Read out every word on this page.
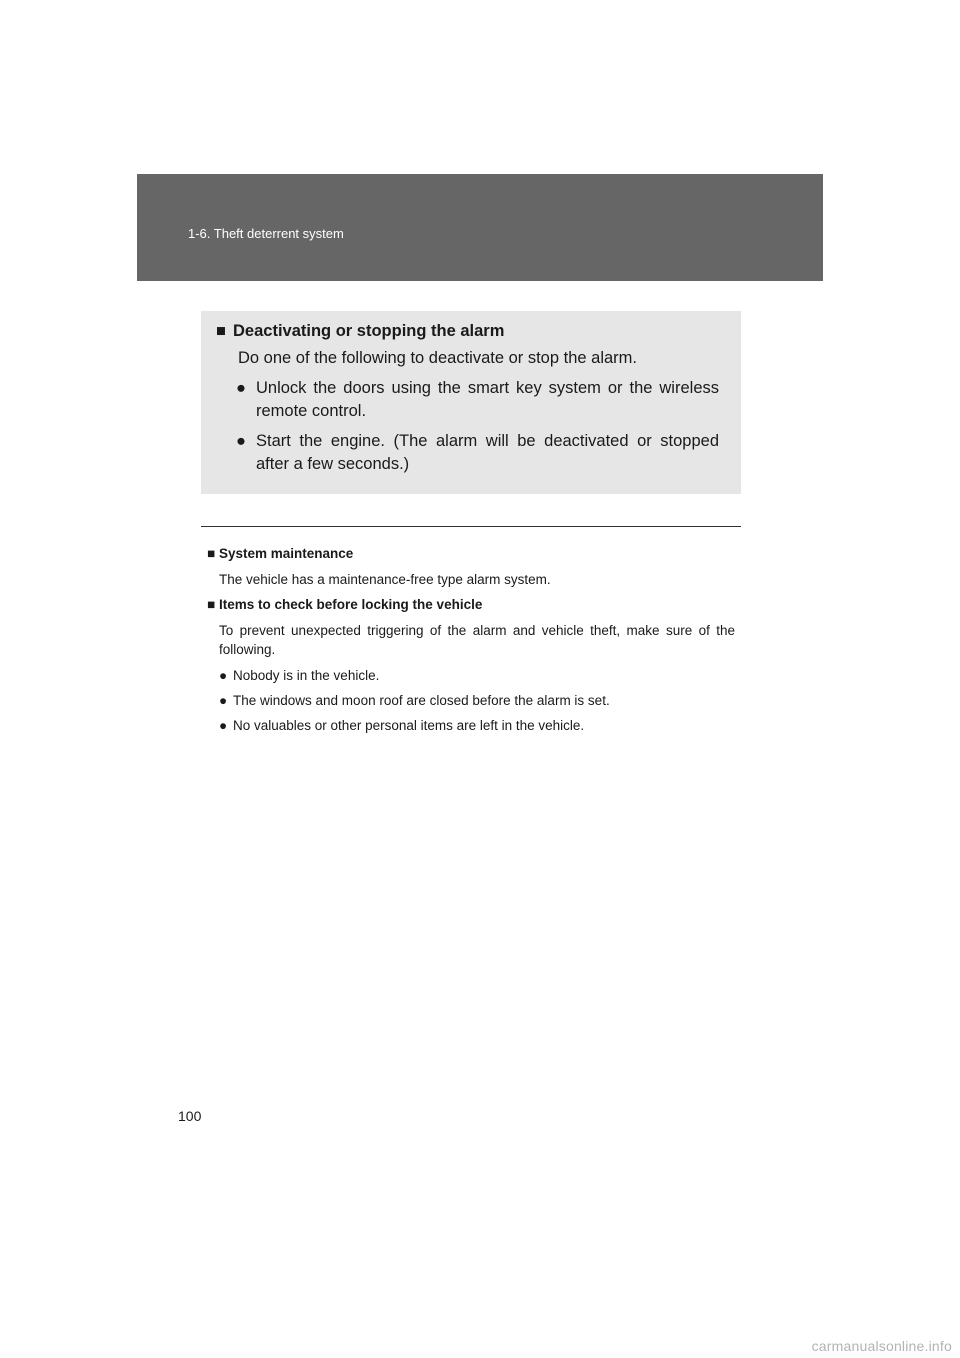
1-6. Theft deterrent system
■ Deactivating or stopping the alarm
Do one of the following to deactivate or stop the alarm.
● Unlock the doors using the smart key system or the wireless remote control.
● Start the engine. (The alarm will be deactivated or stopped after a few seconds.)
■ System maintenance
The vehicle has a maintenance-free type alarm system.
■ Items to check before locking the vehicle
To prevent unexpected triggering of the alarm and vehicle theft, make sure of the following.
● Nobody is in the vehicle.
● The windows and moon roof are closed before the alarm is set.
● No valuables or other personal items are left in the vehicle.
100
carmanualsonline.info
